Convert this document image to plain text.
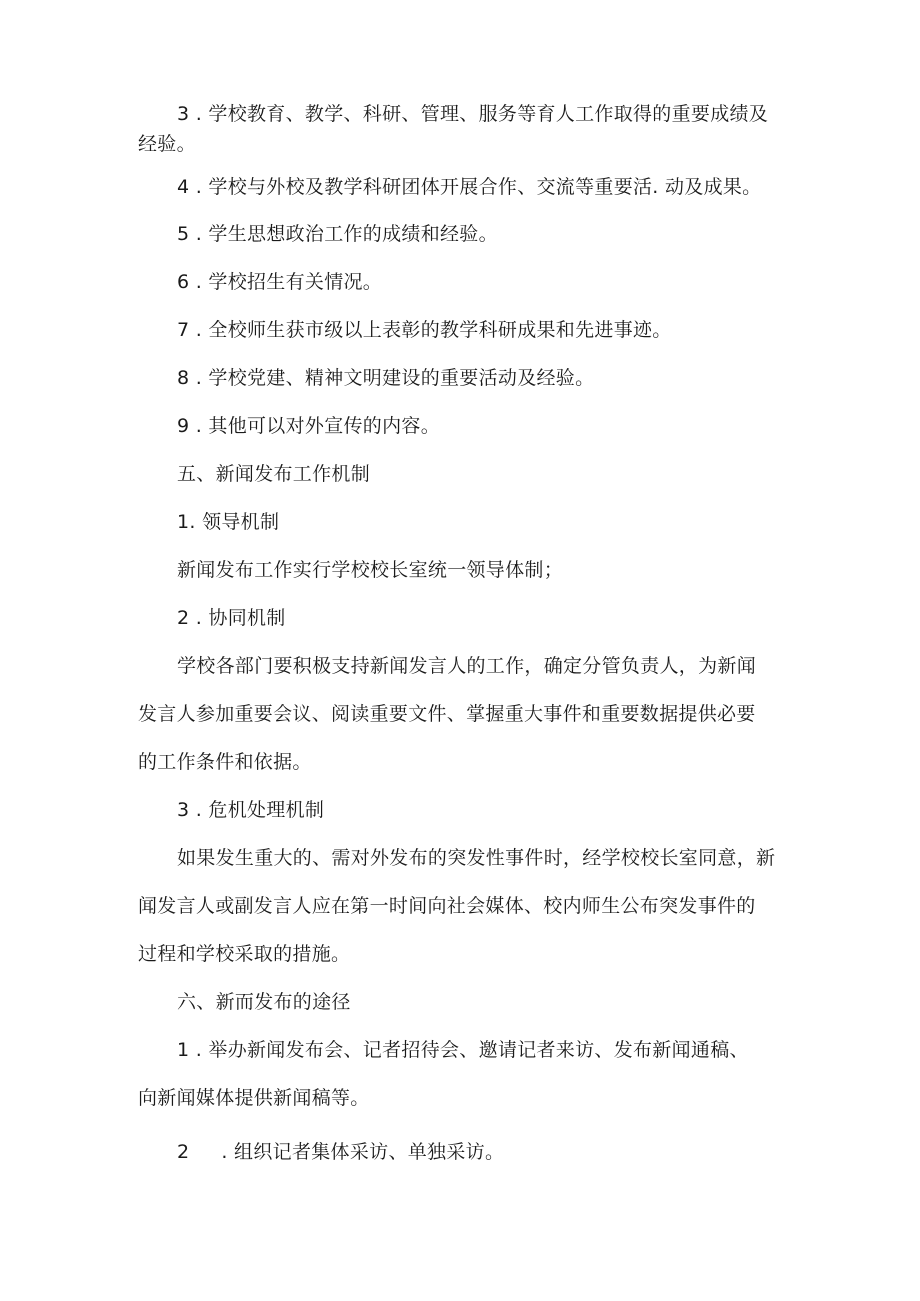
3 . 学校教育、教学、科研、管理、服务等育人工作取得的重要成绩及
经验。
4 . 学校与外校及教学科研团体开展合作、交流等重要活. 动及成果。
5 . 学生思想政治工作的成绩和经验。
6 . 学校招生有关情况。
7 . 全校师生获市级以上表彰的教学科研成果和先进事迹。
8 . 学校党建、精神文明建设的重要活动及经验。
9 . 其他可以对外宣传的内容。
五、新闻发布工作机制
1. 领导机制
新闻发布工作实行学校校长室统一领导体制；
2 . 协同机制
学校各部门要积极支持新闻发言人的工作，确定分管负责人，为新闻
发言人参加重要会议、阅读重要文件、掌握重大事件和重要数据提供必要
的工作条件和依据。
3 . 危机处理机制
如果发生重大的、需对外发布的突发性事件时，经学校校长室同意，新
闻发言人或副发言人应在第一时间向社会媒体、校内师生公布突发事件的
过程和学校采取的措施。
六、新而发布的途径
1 . 举办新闻发布会、记者招待会、邀请记者来访、发布新闻通稿、
向新闻媒体提供新闻稿等。
2 　 . 组织记者集体采访、单独采访。
